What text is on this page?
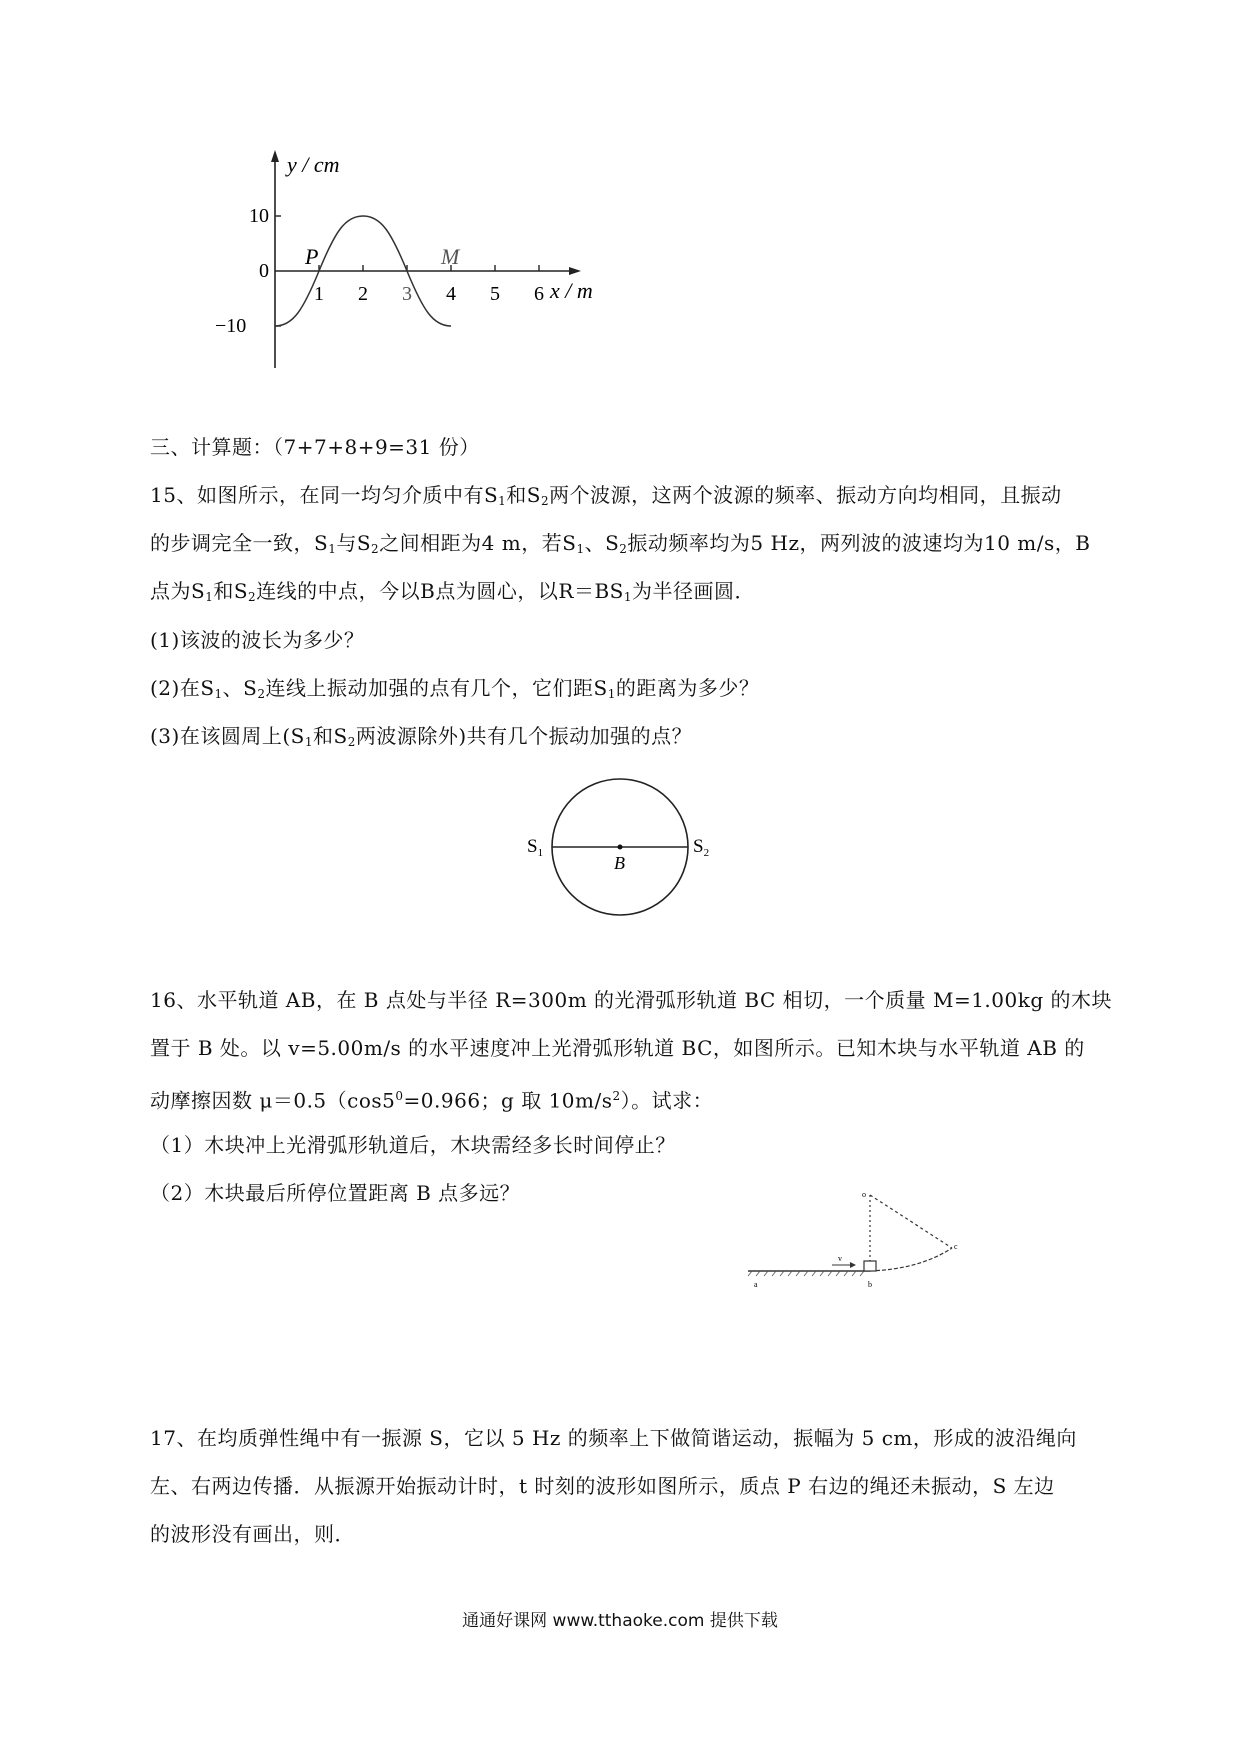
y / cm
x / m
10
0
−10
1 2 3 4 5 6
P	M
三、计算题：（7+7+8+9=31 份）
15、如图所示，在同一均匀介质中有$S_1$和$S_2$两个波源，这两个波源的频率、振动方向均相同，且振动
的步调完全一致，$S_1$与$S_2$之间相距为4 m，若$S_1$、$S_2$振动频率均为5 Hz，两列波的波速均为10 m/s，B
点为$S_1$和$S_2$连线的中点，今以B点为圆心，以$R=BS_1$为半径画圆．
(1)该波的波长为多少？
(2)在$S_1$、$S_2$连线上振动加强的点有几个，它们距$S_1$的距离为多少？
(3)在该圆周上($S_1$和$S_2$两波源除外)共有几个振动加强的点？
$S_1$	$S_2$
B
16、水平轨道 AB，在 B 点处与半径 R=300m 的光滑弧形轨道 BC 相切，一个质量 M=1.00kg 的木块
置于 B 处。以 v=5.00m/s 的水平速度冲上光滑弧形轨道 BC，如图所示。已知木块与水平轨道 AB 的
动摩擦因数 $\mu=0.5(\cos 5^0=0.966$；g 取 $10m/s^2$）。试求：
（1）木块冲上光滑弧形轨道后，木块需经多长时间停止？
（2）木块最后所停位置距离 B 点多远？	o
c
a	b
v
17、在均质弹性绳中有一振源 S，它以 5 Hz 的频率上下做简谐运动，振幅为 5 cm，形成的波沿绳向
左、右两边传播．从振源开始振动计时，t 时刻的波形如图所示，质点 P 右边的绳还未振动，S 左边
的波形没有画出，则．
通通好课网 www.tthaoke.com 提供下载
